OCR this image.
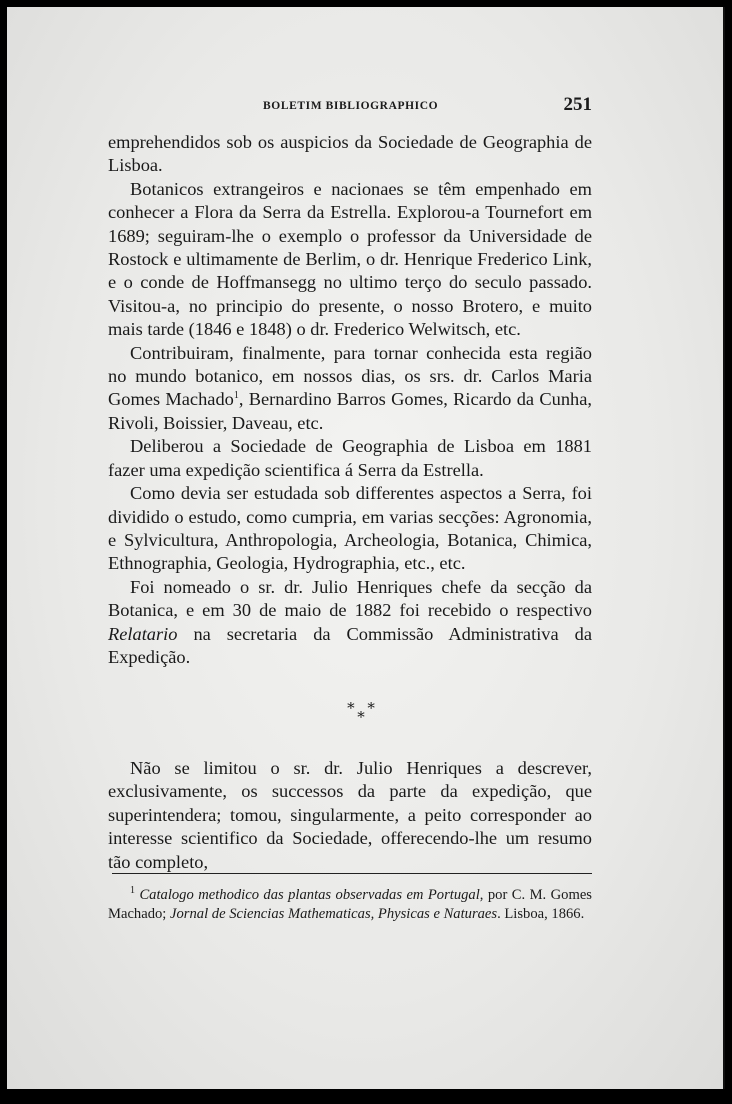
BOLETIM BIBLIOGRAPHICO	251

emprehendidos sob os auspicios da Sociedade de Geographia de Lisboa.

Botanicos extrangeiros e nacionaes se têm empenhado em conhecer a Flora da Serra da Estrella. Explorou-a Tournefort em 1689; seguiram-lhe o exemplo o professor da Universidade de Rostock e ultimamente de Berlim, o dr. Henrique Frederico Link, e o conde de Hoffmansegg no ultimo terço do seculo passado. Visitou-a, no principio do presente, o nosso Brotero, e muito mais tarde (1846 e 1848) o dr. Frederico Welwitsch, etc.

Contribuiram, finalmente, para tornar conhecida esta região no mundo botanico, em nossos dias, os srs. dr. Carlos Maria Gomes Machado$^1$, Bernardino Barros Gomes, Ricardo da Cunha, Rivoli, Boissier, Daveau, etc.

Deliberou a Sociedade de Geographia de Lisboa em 1881 fazer uma expedição scientifica á Serra da Estrella.

Como devia ser estudada sob differentes aspectos a Serra, foi dividido o estudo, como cumpria, em varias secções: Agronomia, e Sylvicultura, Anthropologia, Archeologia, Botanica, Chimica, Ethnographia, Geologia, Hydrographia, etc., etc.

Foi nomeado o sr. dr. Julio Henriques chefe da secção da Botanica, e em 30 de maio de 1882 foi recebido o respectivo Relatario na secretaria da Commissão Administrativa da Expedição.

* * *

Não se limitou o sr. dr. Julio Henriques a descrever, exclusivamente, os successos da parte da expedição, que superintendera; tomou, singularmente, a peito corresponder ao interesse scientifico da Sociedade, offerecendo-lhe um resumo tão completo,

$^1$ Catalogo methodico das plantas observadas em Portugal, por C. M. Gomes Machado; Jornal de Sciencias Mathematicas, Physicas e Naturaes. Lisboa, 1866.
